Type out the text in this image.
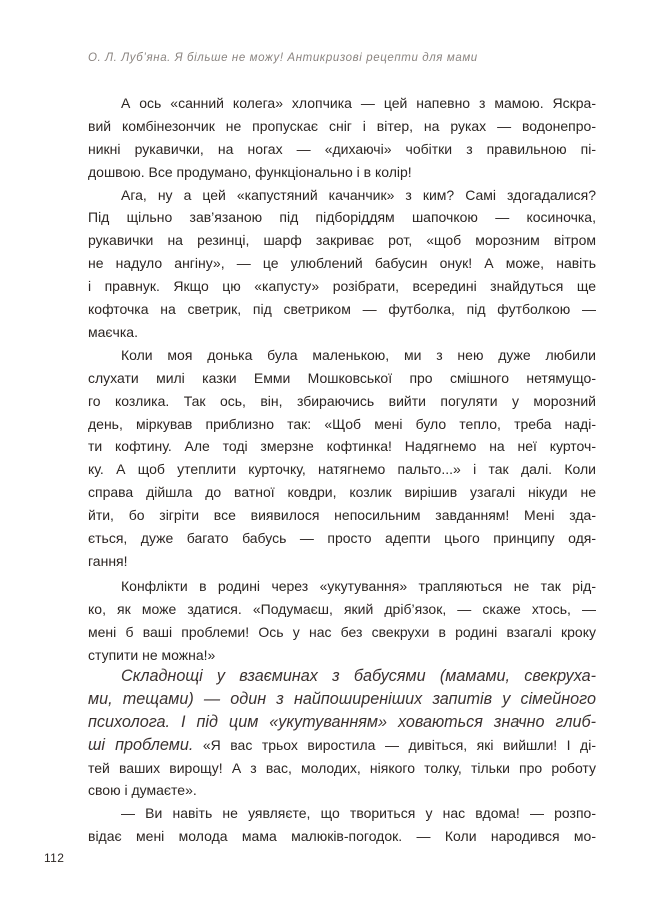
О. Л. Луб’яна. Я більше не можу! Антикризові рецепти для мами
А ось «санний колега» хлопчика — цей напевно з мамою. Яскра-
вий комбінезончик не пропускає сніг і вітер, на руках — водонепро-
никні рукавички, на ногах — «дихаючі» чобітки з правильною пі-
дошвою. Все продумано, функціонально і в колір!
Ага, ну а цей «капустяний качанчик» з ким? Самі здогадалися?
Під щільно зав’язаною під підборіддям шапочкою — косиночка,
рукавички на резинці, шарф закриває рот, «щоб морозним вітром
не надуло ангіну», — це улюблений бабусин онук! А може, навіть
і правнук. Якщо цю «капусту» розібрати, всередині знайдуться ще
кофточка на светрик, під светриком — футболка, під футболкою —
маєчка.
Коли моя донька була маленькою, ми з нею дуже любили
слухати милі казки Емми Мошковської про смішного нетямущо-
го козлика. Так ось, він, збираючись вийти погуляти у морозний
день, міркував приблизно так: «Щоб мені було тепло, треба наді-
ти кофтину. Але тоді змерзне кофтинка! Надягнемо на неї курточ-
ку. А щоб утеплити курточку, натягнемо пальто...» і так далі. Коли
справа дійшла до ватної ковдри, козлик вирішив узагалі нікуди не
йти, бо зігріти все виявилося непосильним завданням! Мені зда-
ється, дуже багато бабусь — просто адепти цього принципу одя-
гання!
Конфлікти в родині через «укутування» трапляються не так рід-
ко, як може здатися. «Подумаєш, який дріб’язок, — скаже хтось, —
мені б ваші проблеми! Ось у нас без свекрухи в родині взагалі кроку
ступити не можна!»
Складнощі у взаєминах з бабусями (мамами, свекруха-
ми, тещами) — один з найпоширеніших запитів у сімейного
психолога. І під цим «укутуванням» ховаються значно глиб-
ші проблеми. «Я вас трьох виростила — дивіться, які вийшли! І ді-
тей ваших вирощу! А з вас, молодих, ніякого толку, тільки про роботу
свою і думаєте».
— Ви навіть не уявляєте, що твориться у нас вдома! — розпо-
відає мені молода мама малюків-погодок. — Коли народився мо-
112
